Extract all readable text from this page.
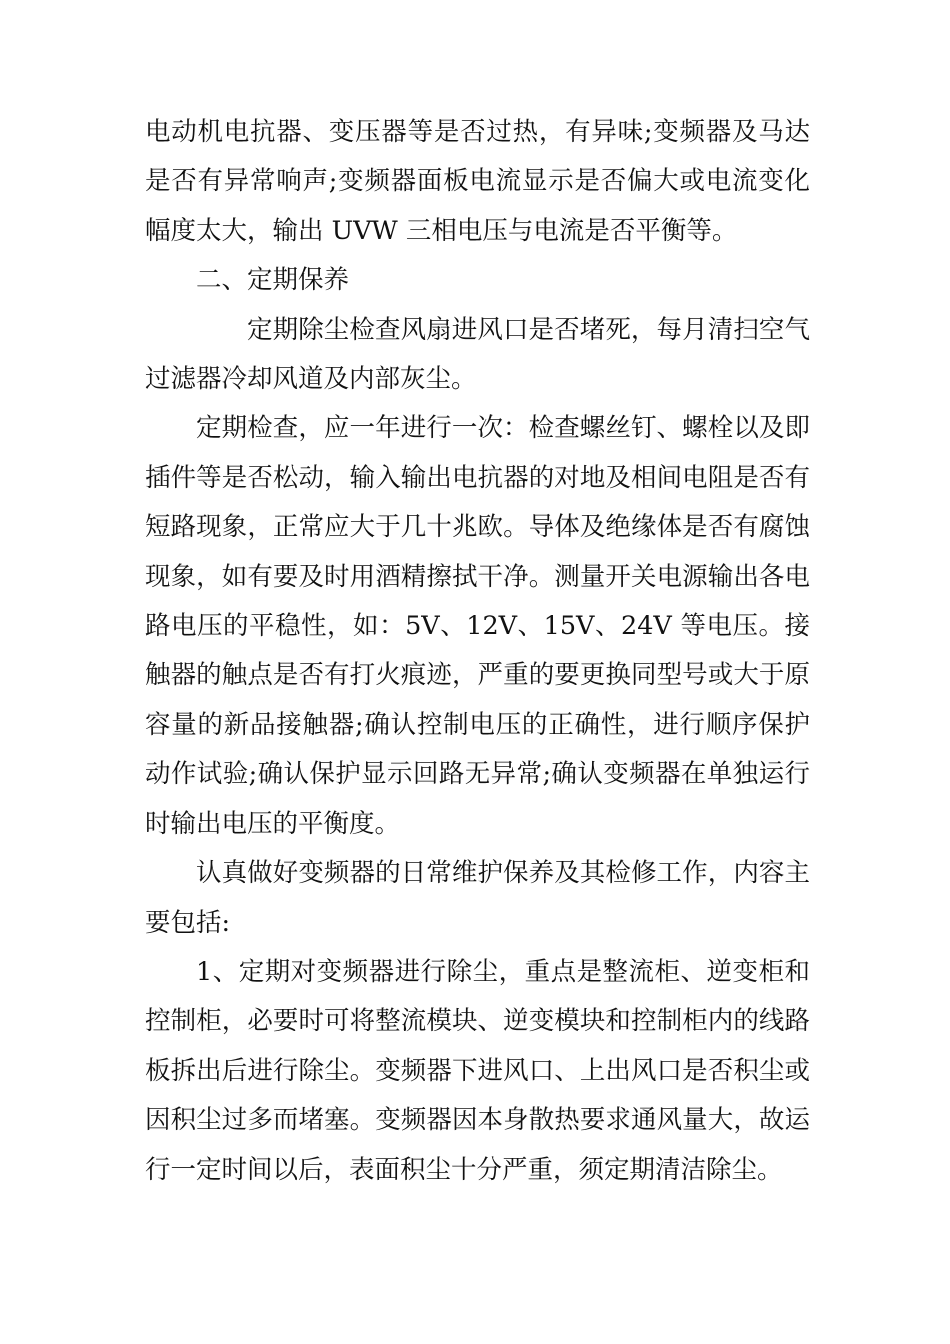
电动机电抗器、变压器等是否过热，有异味;变频器及马达是否有异常响声;变频器面板电流显示是否偏大或电流变化幅度太大，输出 UVW 三相电压与电流是否平衡等。

二、定期保养

定期除尘检查风扇进风口是否堵死，每月清扫空气过滤器冷却风道及内部灰尘。

定期检查，应一年进行一次：检查螺丝钉、螺栓以及即插件等是否松动，输入输出电抗器的对地及相间电阻是否有短路现象，正常应大于几十兆欧。导体及绝缘体是否有腐蚀现象，如有要及时用酒精擦拭干净。测量开关电源输出各电路电压的平稳性，如：5V、12V、15V、24V 等电压。接触器的触点是否有打火痕迹，严重的要更换同型号或大于原容量的新品接触器;确认控制电压的正确性，进行顺序保护动作试验;确认保护显示回路无异常;确认变频器在单独运行时输出电压的平衡度。

认真做好变频器的日常维护保养及其检修工作，内容主要包括:

1、定期对变频器进行除尘，重点是整流柜、逆变柜和控制柜，必要时可将整流模块、逆变模块和控制柜内的线路板拆出后进行除尘。变频器下进风口、上出风口是否积尘或因积尘过多而堵塞。变频器因本身散热要求通风量大，故运行一定时间以后，表面积尘十分严重，须定期清洁除尘。
